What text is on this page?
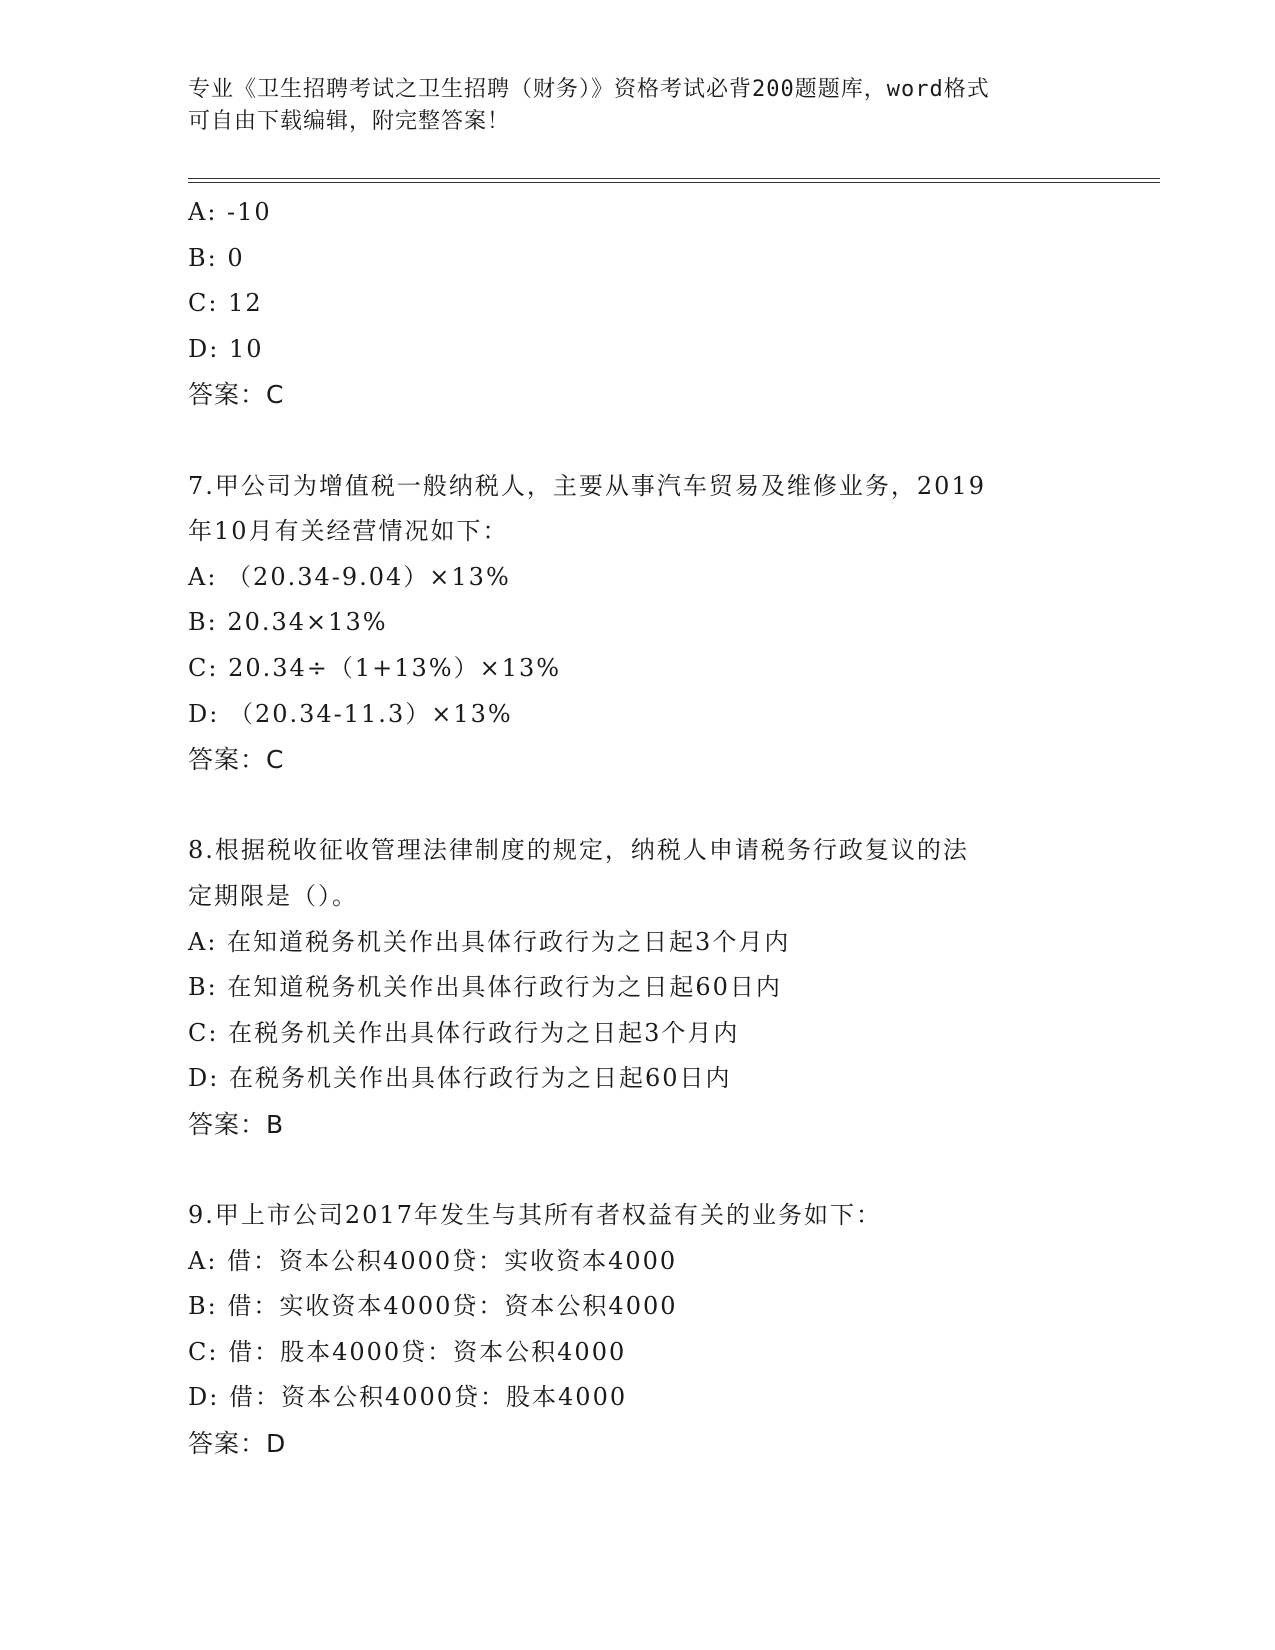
专业《卫生招聘考试之卫生招聘（财务）》资格考试必背200题题库，word格式
可自由下载编辑，附完整答案！
A: -10
B: 0
C: 12
D: 10
答案：C
7.甲公司为增值税一般纳税人，主要从事汽车贸易及维修业务，2019
年10月有关经营情况如下：
A: （20.34-9.04）×13%
B: 20.34×13%
C: 20.34÷（1+13%）×13%
D: （20.34-11.3）×13%
答案：C
8.根据税收征收管理法律制度的规定，纳税人申请税务行政复议的法
定期限是（）。
A: 在知道税务机关作出具体行政行为之日起3个月内
B: 在知道税务机关作出具体行政行为之日起60日内
C: 在税务机关作出具体行政行为之日起3个月内
D: 在税务机关作出具体行政行为之日起60日内
答案：B
9.甲上市公司2017年发生与其所有者权益有关的业务如下：
A: 借：资本公积4000贷：实收资本4000
B: 借：实收资本4000贷：资本公积4000
C: 借：股本4000贷：资本公积4000
D: 借：资本公积4000贷：股本4000
答案：D
